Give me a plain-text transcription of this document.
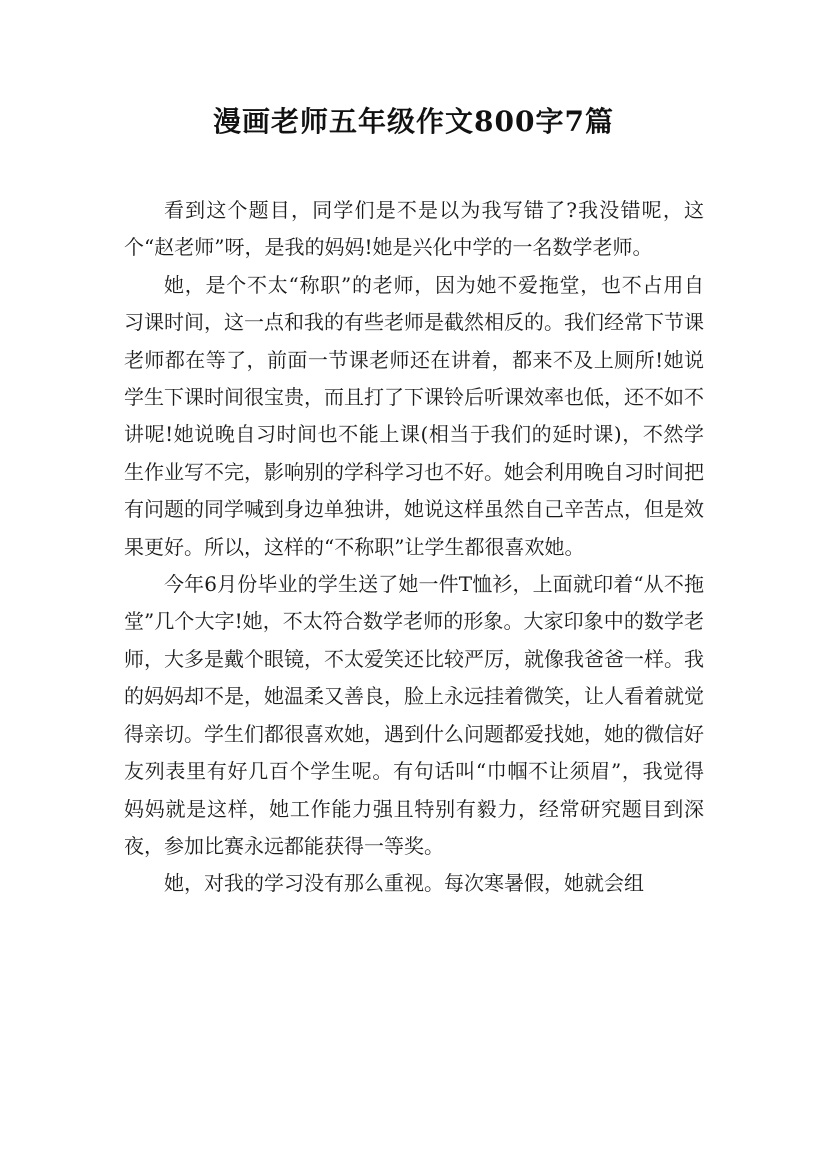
漫画老师五年级作文800字7篇

看到这个题目，同学们是不是以为我写错了?我没错呢，这个“赵老师”呀，是我的妈妈!她是兴化中学的一名数学老师。

她，是个不太“称职”的老师，因为她不爱拖堂，也不占用自习课时间，这一点和我的有些老师是截然相反的。我们经常下节课老师都在等了，前面一节课老师还在讲着，都来不及上厕所!她说学生下课时间很宝贵，而且打了下课铃后听课效率也低，还不如不讲呢!她说晚自习时间也不能上课(相当于我们的延时课)，不然学生作业写不完，影响别的学科学习也不好。她会利用晚自习时间把有问题的同学喊到身边单独讲，她说这样虽然自己辛苦点，但是效果更好。所以，这样的“不称职”让学生都很喜欢她。

今年6月份毕业的学生送了她一件T恤衫，上面就印着“从不拖堂”几个大字!她，不太符合数学老师的形象。大家印象中的数学老师，大多是戴个眼镜，不太爱笑还比较严厉，就像我爸爸一样。我的妈妈却不是，她温柔又善良，脸上永远挂着微笑，让人看着就觉得亲切。学生们都很喜欢她，遇到什么问题都爱找她，她的微信好友列表里有好几百个学生呢。有句话叫“巾帼不让须眉”，我觉得妈妈就是这样，她工作能力强且特别有毅力，经常研究题目到深夜，参加比赛永远都能获得一等奖。

她，对我的学习没有那么重视。每次寒暑假，她就会组
